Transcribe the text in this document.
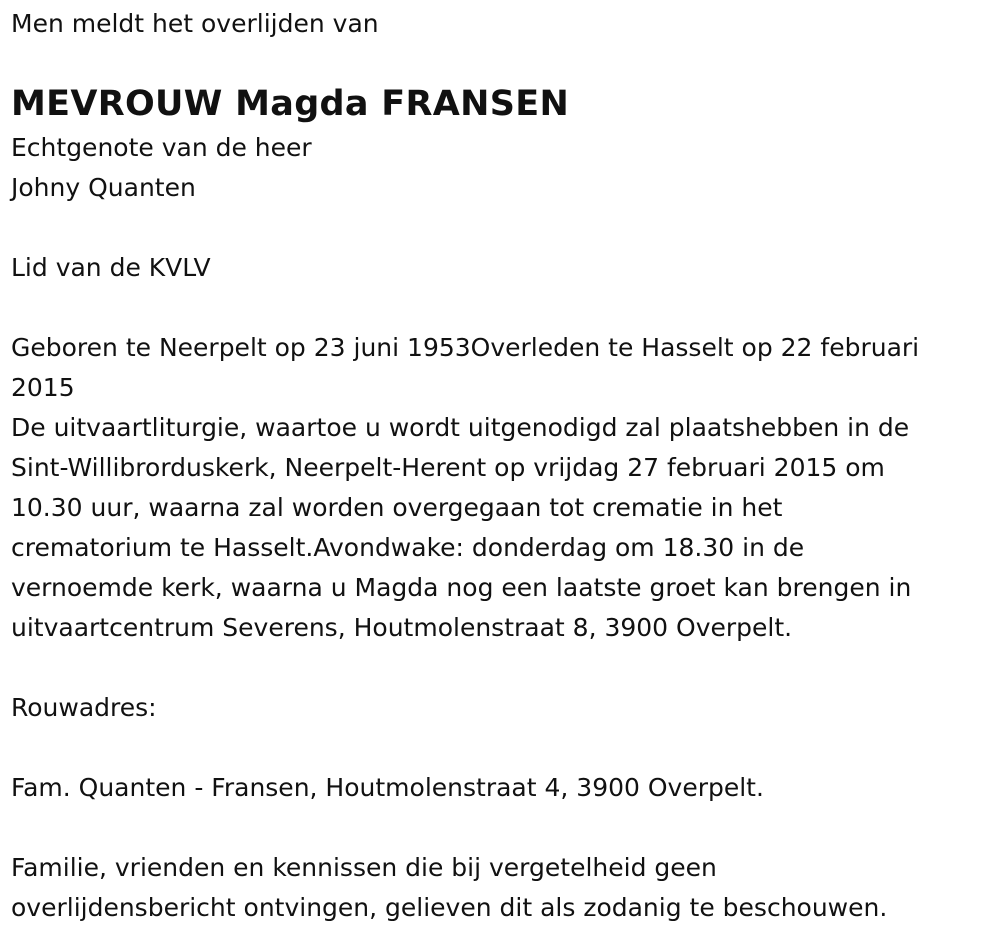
Men meldt het overlijden van
MEVROUW Magda FRANSEN
Echtgenote van de heer
Johny Quanten
Lid van de KVLV
Geboren te Neerpelt op 23 juni 1953Overleden te Hasselt op 22 februari
2015
De uitvaartliturgie, waartoe u wordt uitgenodigd zal plaatshebben in de
Sint-Willibrorduskerk, Neerpelt-Herent op vrijdag 27 februari 2015 om
10.30 uur, waarna zal worden overgegaan tot crematie in het
crematorium te Hasselt.Avondwake: donderdag om 18.30 in de
vernoemde kerk, waarna u Magda nog een laatste groet kan brengen in
uitvaartcentrum Severens, Houtmolenstraat 8, 3900 Overpelt.
Rouwadres:
Fam. Quanten - Fransen, Houtmolenstraat 4, 3900 Overpelt.
Familie, vrienden en kennissen die bij vergetelheid geen
overlijdensbericht ontvingen, gelieven dit als zodanig te beschouwen.
